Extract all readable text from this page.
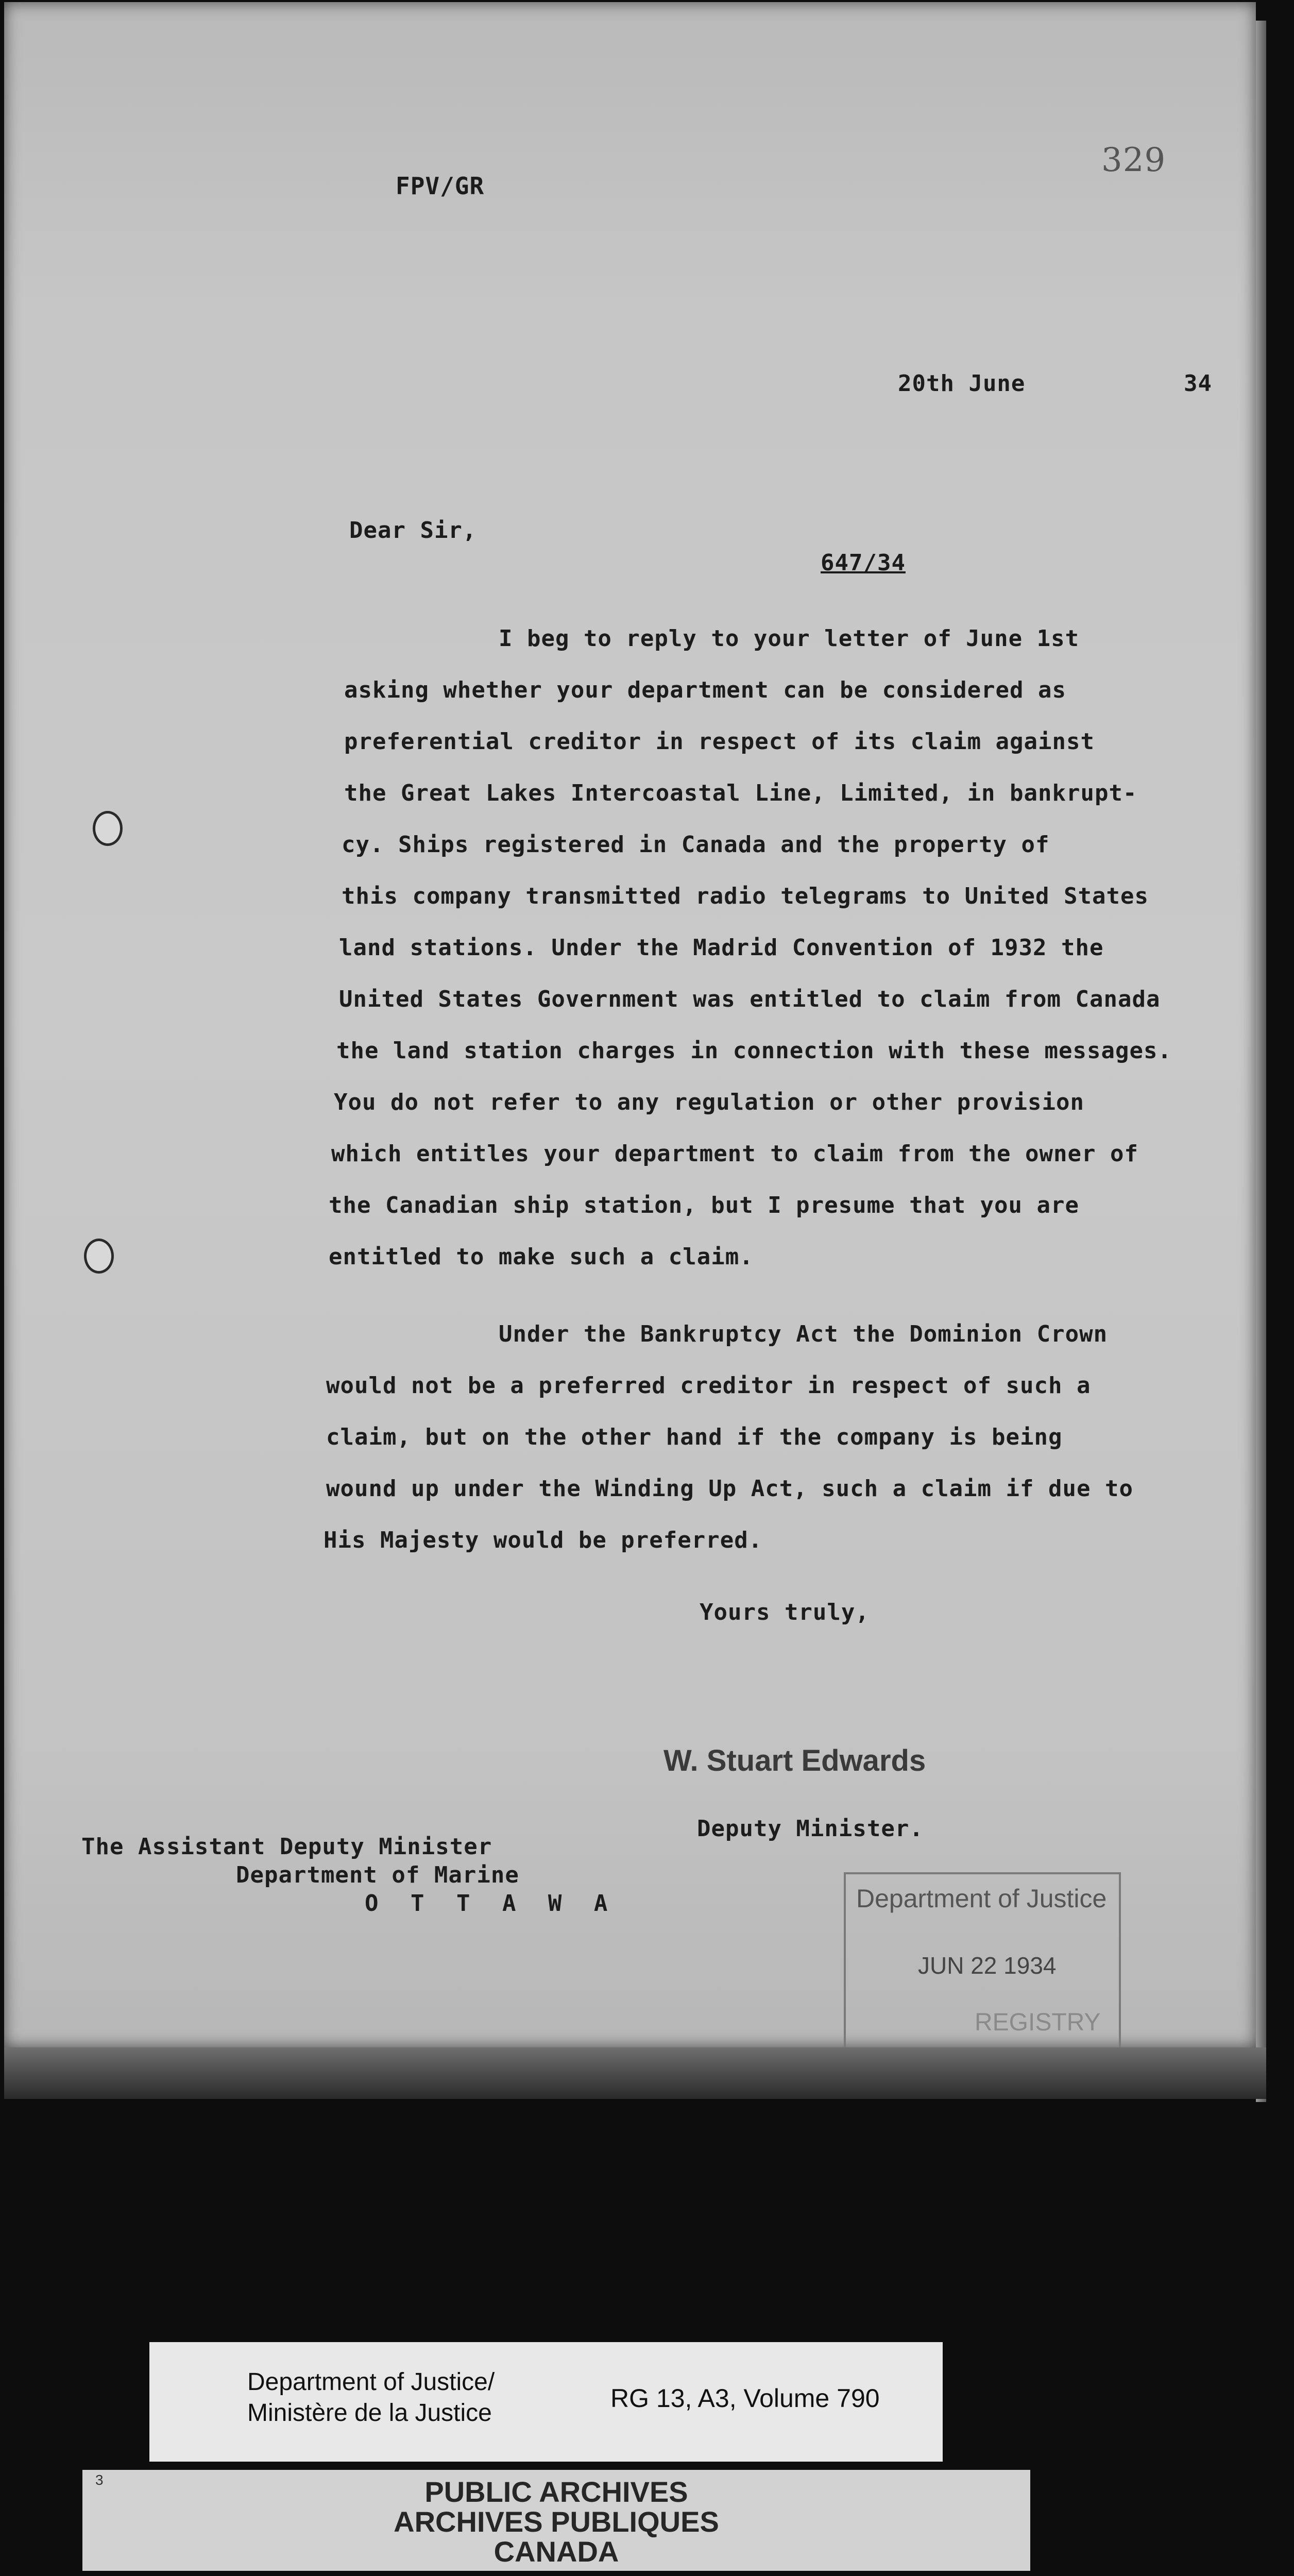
FPV/GR
329
20th June	34
Dear Sir,
647/34
I beg to reply to your letter of June 1st
asking whether your department can be considered as
preferential creditor in respect of its claim against
the Great Lakes Intercoastal Line, Limited, in bankrupt-
cy. Ships registered in Canada and the property of
this company transmitted radio telegrams to United States
land stations. Under the Madrid Convention of 1932 the
United States Government was entitled to claim from Canada
the land station charges in connection with these messages.
You do not refer to any regulation or other provision
which entitles your department to claim from the owner of
the Canadian ship station, but I presume that you are
entitled to make such a claim.
Under the Bankruptcy Act the Dominion Crown
would not be a preferred creditor in respect of such a
claim, but on the other hand if the company is being
wound up under the Winding Up Act, such a claim if due to
His Majesty would be preferred.
Yours truly,
W. Stuart Edwards
Deputy Minister.
The Assistant Deputy Minister
Department of Marine
O T T A W A	Department of Justice
JUN 22 1934
REGISTRY
Department of Justice/
Ministère de la Justice
RG 13, A3, Volume 790
3	PUBLIC ARCHIVES
ARCHIVES PUBLIQUES
CANADA
